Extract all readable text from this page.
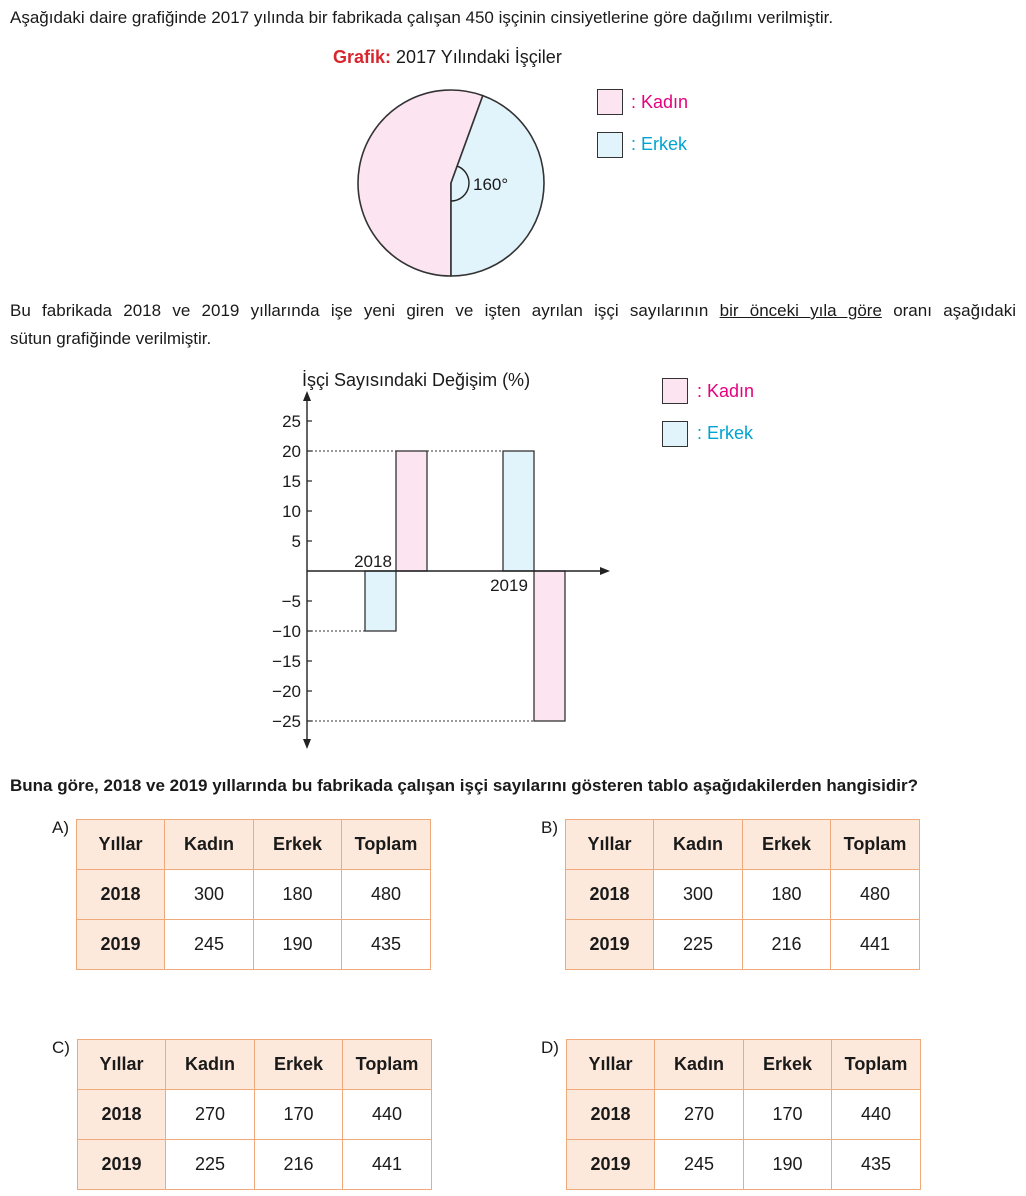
Aşağıdaki daire grafiğinde 2017 yılında bir fabrikada çalışan 450 işçinin cinsiyetlerine göre dağılımı verilmiştir.
Grafik: 2017 Yılındaki İşçiler
160°
: Kadın
: Erkek
Bu fabrikada 2018 ve 2019 yıllarında işe yeni giren ve işten ayrılan işçi sayılarının bir önceki yıla göre oranı aşağıdaki
sütun grafiğinde verilmiştir.
İşçi Sayısındaki Değişim (%)
25
20
15
10
5
−5
−10
−15
−20
−25
2018
2019
: Kadın
: Erkek
Buna göre, 2018 ve 2019 yıllarında bu fabrikada çalışan işçi sayılarını gösteren tablo aşağıdakilerden hangisidir?
A)
Yıllar	Kadın	Erkek	Toplam
2018	300	180	480
2019	245	190	435
B)
Yıllar	Kadın	Erkek	Toplam
2018	300	180	480
2019	225	216	441
C)
Yıllar	Kadın	Erkek	Toplam
2018	270	170	440
2019	225	216	441
D)
Yıllar	Kadın	Erkek	Toplam
2018	270	170	440
2019	245	190	435
